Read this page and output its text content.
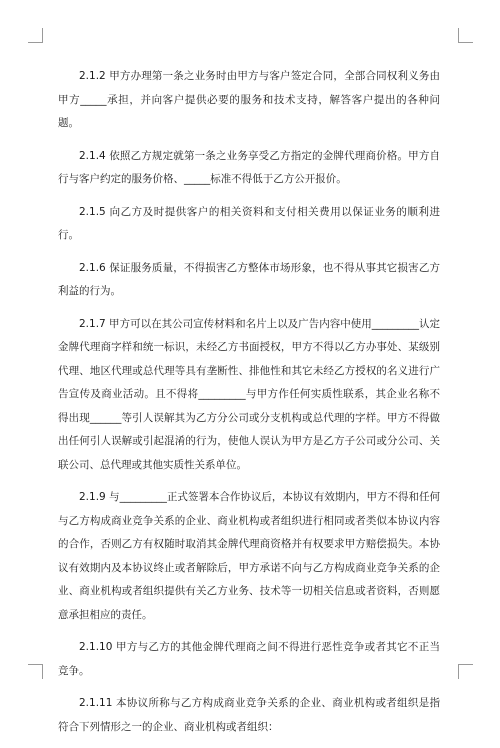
2.1.2 甲方办理第一条之业务时由甲方与客户签定合同，全部合同权利义务由甲方_____承担，并向客户提供必要的服务和技术支持，解答客户提出的各种问题。

2.1.4 依照乙方规定就第一条之业务享受乙方指定的金牌代理商价格。甲方自行与客户约定的服务价格、_____标准不得低于乙方公开报价。

2.1.5 向乙方及时提供客户的相关资料和支付相关费用以保证业务的顺利进行。

2.1.6 保证服务质量，不得损害乙方整体市场形象，也不得从事其它损害乙方利益的行为。

2.1.7 甲方可以在其公司宣传材料和名片上以及广告内容中使用_________认定金牌代理商字样和统一标识，未经乙方书面授权，甲方不得以乙方办事处、某级别代理、地区代理或总代理等具有垄断性、排他性和其它未经乙方授权的名义进行广告宣传及商业活动。且不得将_________与甲方作任何实质性联系，其企业名称不得出现______等引人误解其为乙方分公司或分支机构或总代理的字样。甲方不得做出任何引人误解或引起混淆的行为，使他人误认为甲方是乙方子公司或分公司、关联公司、总代理或其他实质性关系单位。

2.1.9 与_________正式签署本合作协议后，本协议有效期内，甲方不得和任何与乙方构成商业竞争关系的企业、商业机构或者组织进行相同或者类似本协议内容的合作，否则乙方有权随时取消其金牌代理商资格并有权要求甲方赔偿损失。本协议有效期内及本协议终止或者解除后，甲方承诺不向与乙方构成商业竞争关系的企业、商业机构或者组织提供有关乙方业务、技术等一切相关信息或者资料，否则愿意承担相应的责任。

2.1.10 甲方与乙方的其他金牌代理商之间不得进行恶性竞争或者其它不正当竞争。

2.1.11 本协议所称与乙方构成商业竞争关系的企业、商业机构或者组织是指符合下列情形之一的企业、商业机构或者组织：
